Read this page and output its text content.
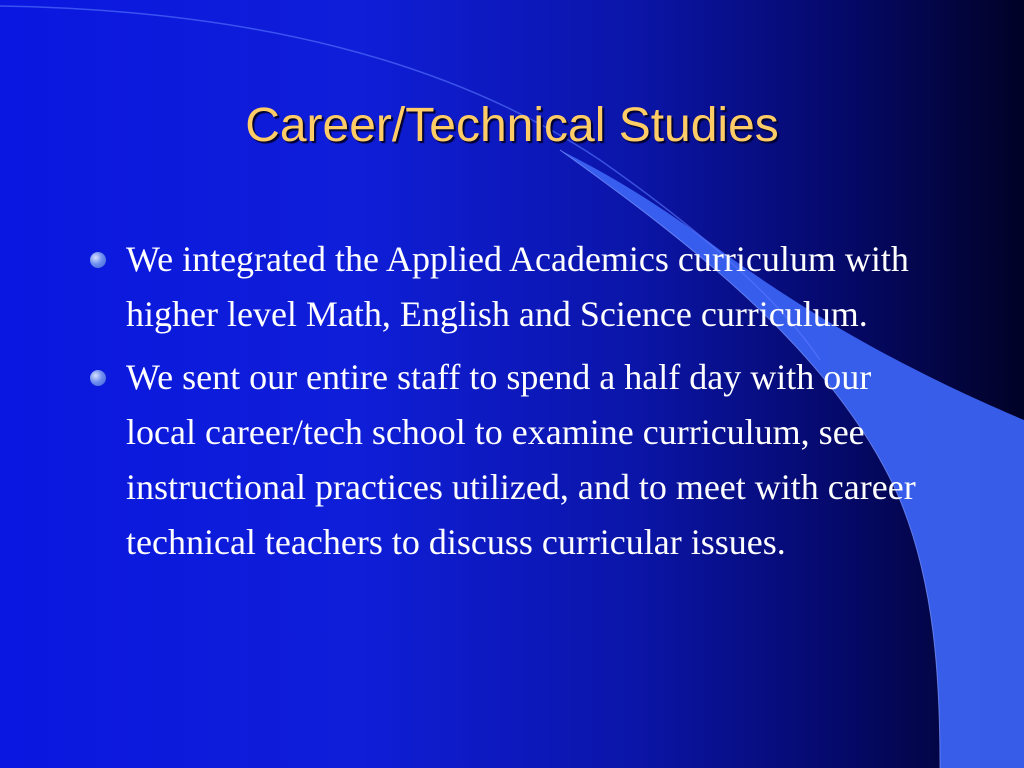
Career/Technical Studies
We integrated the Applied Academics curriculum with higher level Math, English and Science curriculum.
We sent our entire staff to spend a half day with our local career/tech school to examine curriculum, see instructional practices utilized, and to meet with career technical teachers to discuss curricular issues.
